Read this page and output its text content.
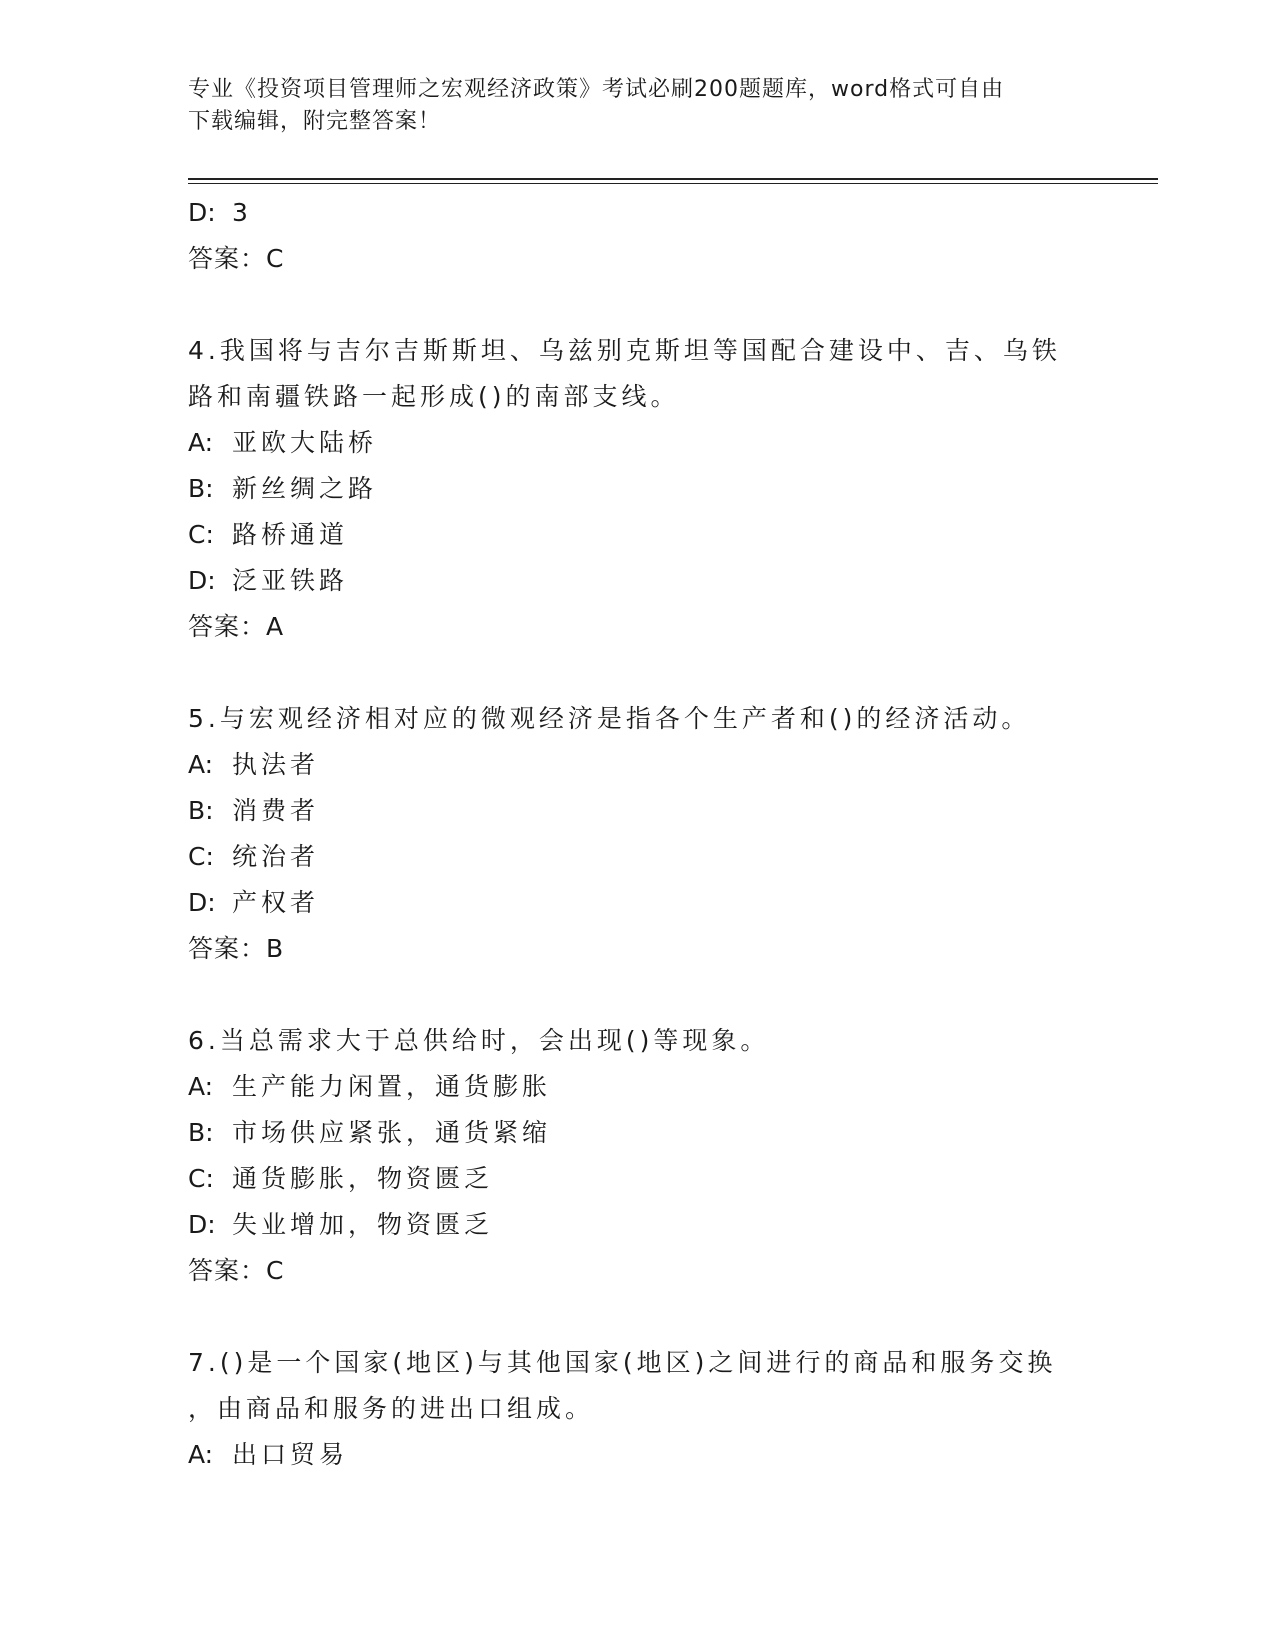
专业《投资项目管理师之宏观经济政策》考试必刷200题题库，word格式可自由
下载编辑，附完整答案！
D: 3
答案：C
4.我国将与吉尔吉斯斯坦、乌兹别克斯坦等国配合建设中、吉、乌铁
路和南疆铁路一起形成()的南部支线。
A: 亚欧大陆桥
B: 新丝绸之路
C: 路桥通道
D: 泛亚铁路
答案：A
5.与宏观经济相对应的微观经济是指各个生产者和()的经济活动。
A: 执法者
B: 消费者
C: 统治者
D: 产权者
答案：B
6.当总需求大于总供给时，会出现()等现象。
A: 生产能力闲置，通货膨胀
B: 市场供应紧张，通货紧缩
C: 通货膨胀，物资匮乏
D: 失业增加，物资匮乏
答案：C
7.()是一个国家(地区)与其他国家(地区)之间进行的商品和服务交换
，由商品和服务的进出口组成。
A: 出口贸易
